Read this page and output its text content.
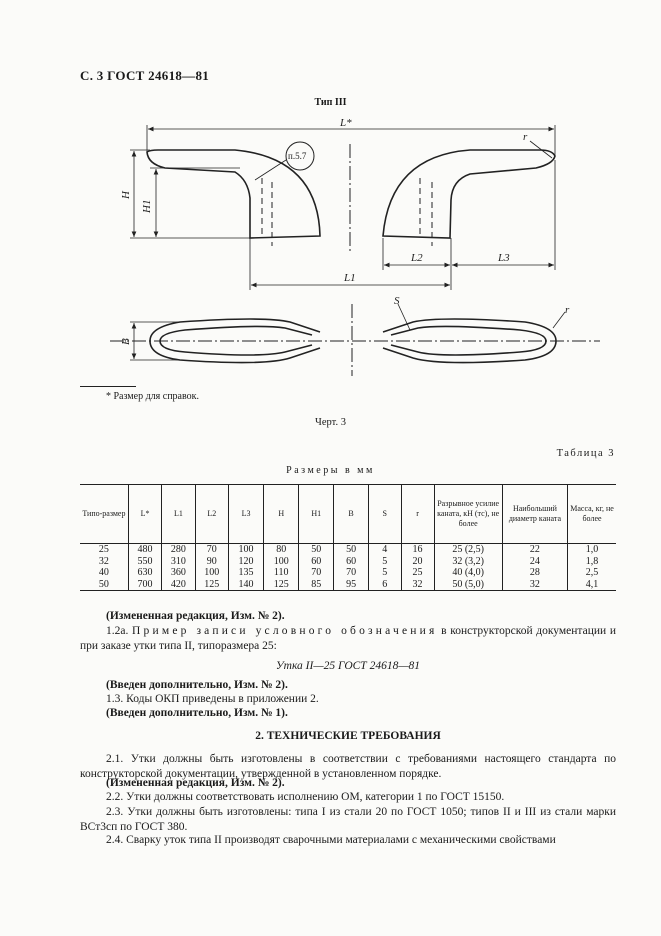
С. 3 ГОСТ 24618—81
Тип III
L*
r
п.5.7
H
H1
L2	L3
L1
S
B
r
* Размер для справок.
Черт. 3
Таблица 3
Размеры в мм
Типо-размер	L*	L1	L2	L3	H	H1	B	S	r	Разрывное усилие каната, кН (тс), не более	Наибольший диаметр каната	Масса, кг, не более
25	480	280	70	100	80	50	50	4	16	25 (2,5)	22	1,0
32	550	310	90	120	100	60	60	5	20	32 (3,2)	24	1,8
40	630	360	100	135	110	70	70	5	25	40 (4,0)	28	2,5
50	700	420	125	140	125	85	95	6	32	50 (5,0)	32	4,1
(Измененная редакция, Изм. № 2).
1.2а. Пример записи условного обозначения в конструкторской документации и при заказе утки типа II, типоразмера 25:
Утка II—25 ГОСТ 24618—81
(Введен дополнительно, Изм. № 2).
1.3. Коды ОКП приведены в приложении 2.
(Введен дополнительно, Изм. № 1).
2. ТЕХНИЧЕСКИЕ ТРЕБОВАНИЯ
2.1. Утки должны быть изготовлены в соответствии с требованиями настоящего стандарта по конструкторской документации, утвержденной в установленном порядке.
(Измененная редакция, Изм. № 2).
2.2. Утки должны соответствовать исполнению ОМ, категории 1 по ГОСТ 15150.
2.3. Утки должны быть изготовлены: типа I из стали 20 по ГОСТ 1050; типов II и III из стали марки ВСт3сп по ГОСТ 380.
2.4. Сварку уток типа II производят сварочными материалами с механическими свойствами
